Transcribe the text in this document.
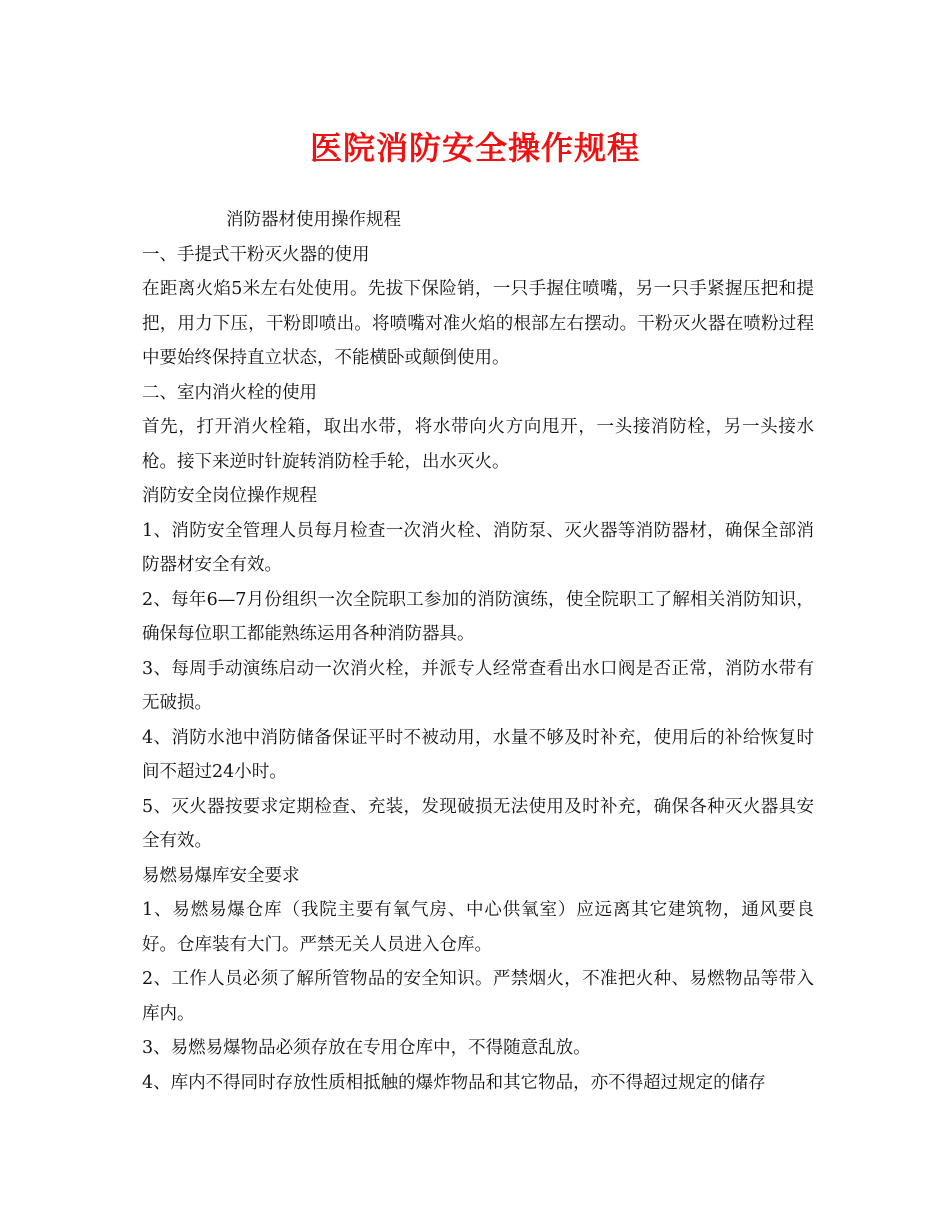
医院消防安全操作规程

消防器材使用操作规程

一、手提式干粉灭火器的使用

在距离火焰5米左右处使用。先拔下保险销，一只手握住喷嘴，另一只手紧握压把和提把，用力下压，干粉即喷出。将喷嘴对准火焰的根部左右摆动。干粉灭火器在喷粉过程中要始终保持直立状态，不能横卧或颠倒使用。

二、室内消火栓的使用

首先，打开消火栓箱，取出水带，将水带向火方向甩开，一头接消防栓，另一头接水枪。接下来逆时针旋转消防栓手轮，出水灭火。

消防安全岗位操作规程

1、消防安全管理人员每月检查一次消火栓、消防泵、灭火器等消防器材，确保全部消防器材安全有效。

2、每年6—7月份组织一次全院职工参加的消防演练，使全院职工了解相关消防知识，确保每位职工都能熟练运用各种消防器具。

3、每周手动演练启动一次消火栓，并派专人经常查看出水口阀是否正常，消防水带有无破损。

4、消防水池中消防储备保证平时不被动用，水量不够及时补充，使用后的补给恢复时间不超过24小时。

5、灭火器按要求定期检查、充装，发现破损无法使用及时补充，确保各种灭火器具安全有效。

易燃易爆库安全要求

1、易燃易爆仓库（我院主要有氧气房、中心供氧室）应远离其它建筑物，通风要良好。仓库装有大门。严禁无关人员进入仓库。

2、工作人员必须了解所管物品的安全知识。严禁烟火，不准把火种、易燃物品等带入库内。

3、易燃易爆物品必须存放在专用仓库中，不得随意乱放。

4、库内不得同时存放性质相抵触的爆炸物品和其它物品，亦不得超过规定的储存
